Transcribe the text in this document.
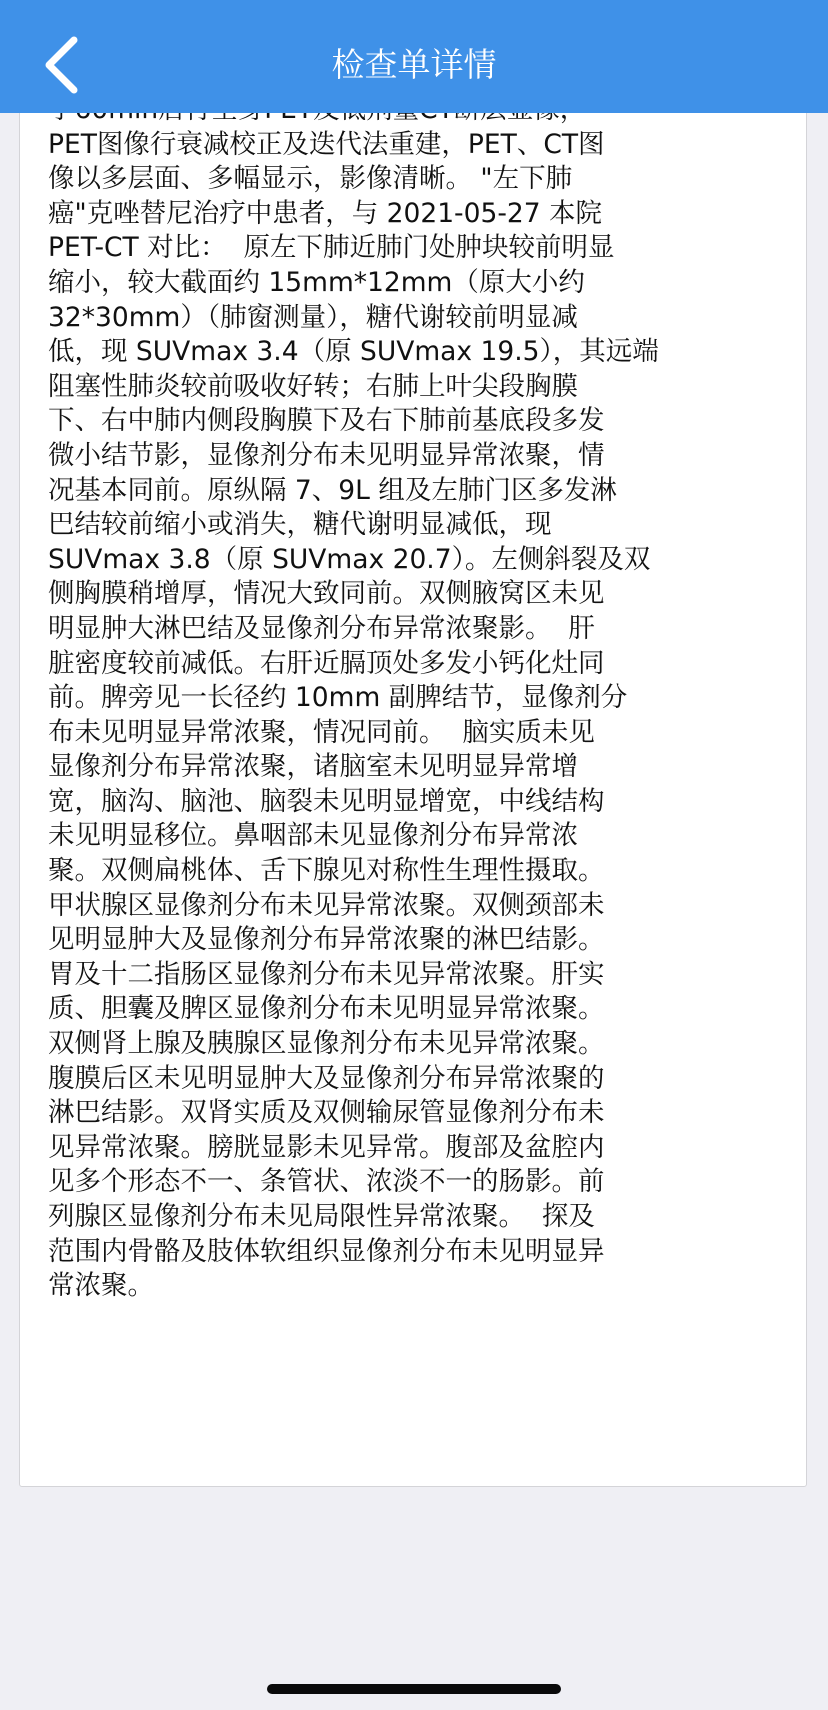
PET图像行衰减校正及迭代法重建，PET、CT图
像以多层面、多幅显示，影像清晰。 "左下肺
癌"克唑替尼治疗中患者，与 2021-05-27 本院
PET-CT 对比：  原左下肺近肺门处肿块较前明显
缩小，较大截面约 15mm*12mm（原大小约
32*30mm）（肺窗测量），糖代谢较前明显减
低，现 SUVmax 3.4（原 SUVmax 19.5），其远端
阻塞性肺炎较前吸收好转；右肺上叶尖段胸膜
下、右中肺内侧段胸膜下及右下肺前基底段多发
微小结节影，显像剂分布未见明显异常浓聚，情
况基本同前。原纵隔 7、9L 组及左肺门区多发淋
巴结较前缩小或消失，糖代谢明显减低，现
SUVmax 3.8（原 SUVmax 20.7）。左侧斜裂及双
侧胸膜稍增厚，情况大致同前。双侧腋窝区未见
明显肿大淋巴结及显像剂分布异常浓聚影。  肝
脏密度较前减低。右肝近膈顶处多发小钙化灶同
前。脾旁见一长径约 10mm 副脾结节，显像剂分
布未见明显异常浓聚，情况同前。  脑实质未见
显像剂分布异常浓聚，诸脑室未见明显异常增
宽，脑沟、脑池、脑裂未见明显增宽，中线结构
未见明显移位。鼻咽部未见显像剂分布异常浓
聚。双侧扁桃体、舌下腺见对称性生理性摄取。
甲状腺区显像剂分布未见异常浓聚。双侧颈部未
见明显肿大及显像剂分布异常浓聚的淋巴结影。
胃及十二指肠区显像剂分布未见异常浓聚。肝实
质、胆囊及脾区显像剂分布未见明显异常浓聚。
双侧肾上腺及胰腺区显像剂分布未见异常浓聚。
腹膜后区未见明显肿大及显像剂分布异常浓聚的
淋巴结影。双肾实质及双侧输尿管显像剂分布未
见异常浓聚。膀胱显影未见异常。腹部及盆腔内
见多个形态不一、条管状、浓淡不一的肠影。前
列腺区显像剂分布未见局限性异常浓聚。  探及
范围内骨骼及肢体软组织显像剂分布未见明显异
常浓聚。
检查单详情
